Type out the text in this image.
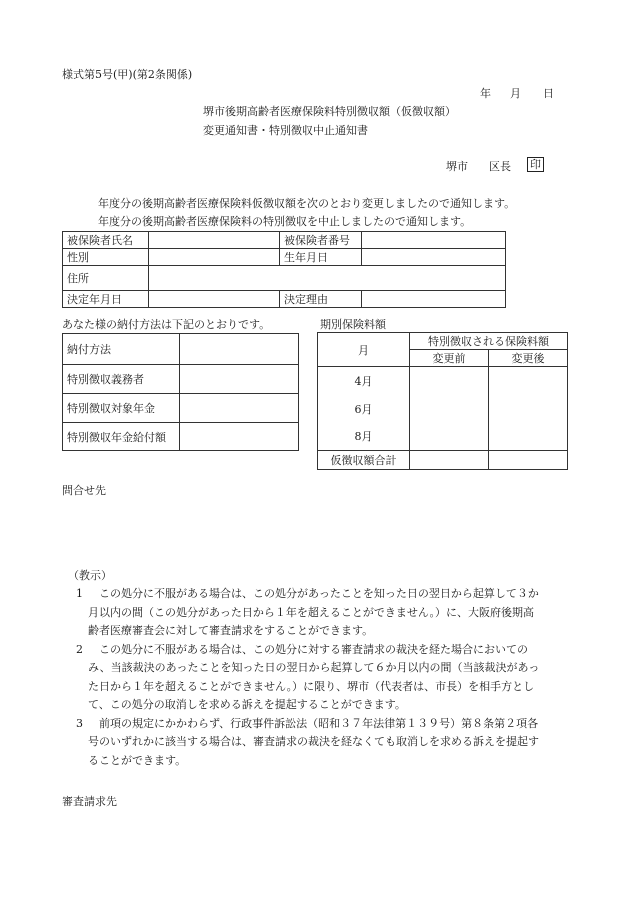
様式第5号(甲)(第2条関係)
年 月 日
堺市後期高齢者医療保険料特別徴収額（仮徴収額）
変更通知書・特別徴収中止通知書
堺市 区長 印
年度分の後期高齢者医療保険料仮徴収額を次のとおり変更しましたので通知します。
年度分の後期高齢者医療保険料の特別徴収を中止しましたので通知します。
被保険者氏名		被保険者番号	
性別		生年月日	
住所			
決定年月日		決定理由	
あなた様の納付方法は下記のとおりです。	期別保険料額
納付方法	
特別徴収義務者	
特別徴収対象年金	
特別徴収年金給付額	
月	特別徴収される保険料額	
	変更前	変更後
4月		
6月		
8月		
仮徴収額合計		
問合せ先
（教示）
1	この処分に不服がある場合は、この処分があったことを知った日の翌日から起算して３か
月以内の間（この処分があった日から１年を超えることができません。）に、大阪府後期高
齢者医療審査会に対して審査請求をすることができます。
2	この処分に不服がある場合は、この処分に対する審査請求の裁決を経た場合においての
み、当該裁決のあったことを知った日の翌日から起算して６か月以内の間（当該裁決があっ
た日から１年を超えることができません。）に限り、堺市（代表者は、市長）を相手方とし
て、この処分の取消しを求める訴えを提起することができます。
3	前項の規定にかかわらず、行政事件訴訟法（昭和３７年法律第１３９号）第８条第２項各
号のいずれかに該当する場合は、審査請求の裁決を経なくても取消しを求める訴えを提起す
ることができます。
審査請求先
